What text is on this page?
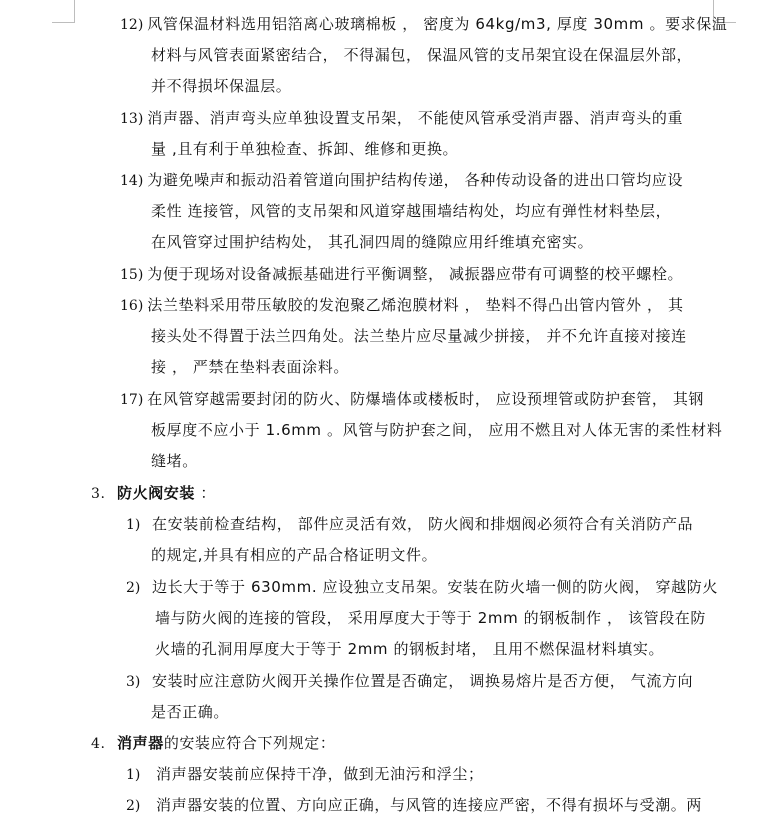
12) 风管保温材料选用铝箔离心玻璃棉板 ， 密度为 64kg/m3, 厚度 30mm 。要求保温
材料与风管表面紧密结合， 不得漏包， 保温风管的支吊架宜设在保温层外部，
并不得损坏保温层。
13) 消声器、消声弯头应单独设置支吊架， 不能使风管承受消声器、消声弯头的重
量 ,且有利于单独检查、拆卸、维修和更换。
14) 为避免噪声和振动沿着管道向围护结构传递， 各种传动设备的进出口管均应设
柔性 连接管，风管的支吊架和风道穿越围墙结构处，均应有弹性材料垫层，
在风管穿过围护结构处， 其孔洞四周的缝隙应用纤维填充密实。
15) 为便于现场对设备减振基础进行平衡调整， 减振器应带有可调整的校平螺栓。
16) 法兰垫料采用带压敏胶的发泡聚乙烯泡膜材料 ， 垫料不得凸出管内管外 ， 其
接头处不得置于法兰四角处。法兰垫片应尽量减少拼接， 并不允许直接对接连
接 ， 严禁在垫料表面涂料。
17) 在风管穿越需要封闭的防火、防爆墙体或楼板时， 应设预埋管或防护套管， 其钢
板厚度不应小于 1.6mm 。风管与防护套之间， 应用不燃且对人体无害的柔性材料
缝堵。
3. 防火阀安装 ：
1) 在安装前检查结构， 部件应灵活有效， 防火阀和排烟阀必须符合有关消防产品
的规定,并具有相应的产品合格证明文件。
2) 边长大于等于 630mm. 应设独立支吊架。安装在防火墙一侧的防火阀， 穿越防火
墙与防火阀的连接的管段， 采用厚度大于等于 2mm 的钢板制作 ， 该管段在防
火墙的孔洞用厚度大于等于 2mm 的钢板封堵， 且用不燃保温材料填实。
3) 安装时应注意防火阀开关操作位置是否确定， 调换易熔片是否方便， 气流方向
是否正确。
4. 消声器的安装应符合下列规定：
1) 消声器安装前应保持干净，做到无油污和浮尘；
2) 消声器安装的位置、方向应正确，与风管的连接应严密，不得有损坏与受潮。两
